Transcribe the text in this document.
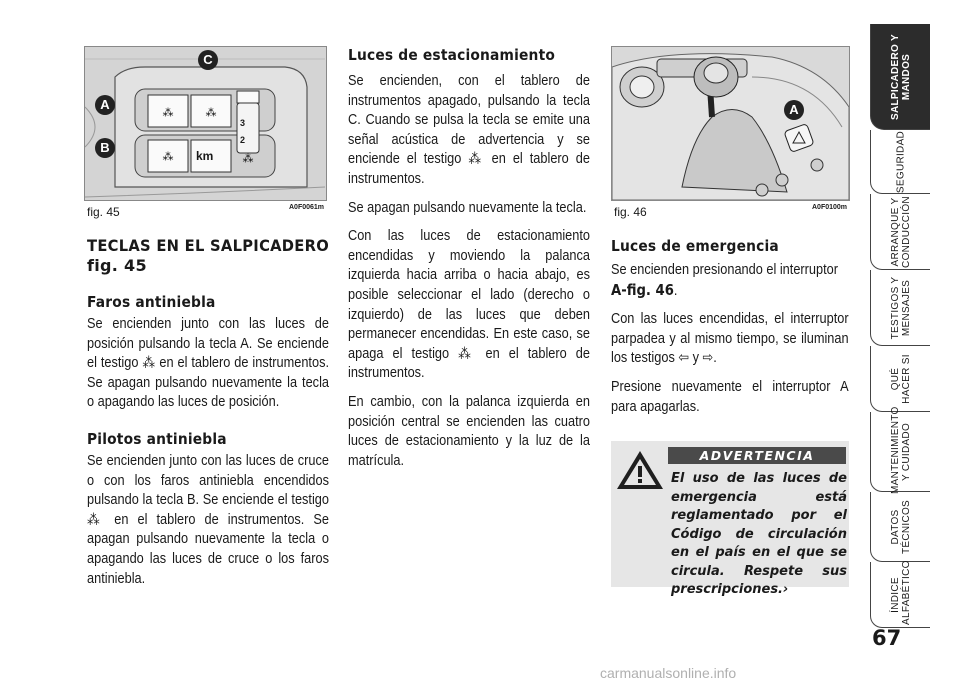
⁂	⁂
⁂	⁂
km
3
2
A
B
C
fig. 45	A0F0061m
A
fig. 46	A0F0100m
TECLAS EN EL SALPICADERO
fig. 45
Faros antiniebla
Se encienden junto con las luces de posición pulsando la tecla A. Se enciende el testigo ⁂ en el tablero de instrumentos. Se apagan pulsando nuevamente la tecla o apagando las luces de posición.
Pilotos antiniebla
Se encienden junto con las luces de cruce o con los faros antiniebla encendidos pulsando la tecla B. Se enciende el testigo ⁂ en el tablero de instrumentos. Se apagan pulsando nuevamente la tecla o apagando las luces de cruce o los faros antiniebla.
Luces de estacionamiento

Se encienden, con el tablero de instrumentos apagado, pulsando la tecla C. Cuando se pulsa la tecla se emite una señal acústica de advertencia y se enciende el testigo ⁂ en el tablero de instrumentos.

Se apagan pulsando nuevamente la tecla.

Con las luces de estacionamiento encendidas y moviendo la palanca izquierda hacia arriba o hacia abajo, es posible seleccionar el lado (derecho o izquierdo) de las luces que deben permanecer encendidas. En este caso, se apaga el testigo ⁂ en el tablero de instrumentos.

En cambio, con la palanca izquierda en posición central se encienden las cuatro luces de estacionamiento y la luz de la matrícula.

Luces de emergencia

Se encienden presionando el interruptor
A-fig. 46.

Con las luces encendidas, el interruptor parpadea y al mismo tiempo, se iluminan los testigos ⇦ y ⇨.

Presione nuevamente el interruptor A para apagarlas.

ADVERTENCIA
El uso de las luces de emergencia está reglamentado por el Código de circulación en el país en el que se circula. Respete sus prescripciones.›
SALPICADERO Y MANDOS
SEGURIDAD
ARRANQUE Y CONDUCCIÓN
TESTIGOS Y MENSAJES
QUÉ HACER SI
MANTENIMIENTO Y CUIDADO
DATOS TÉCNICOS
ÍNDICE ALFABÉTICO
67
carmanualsonline.info
